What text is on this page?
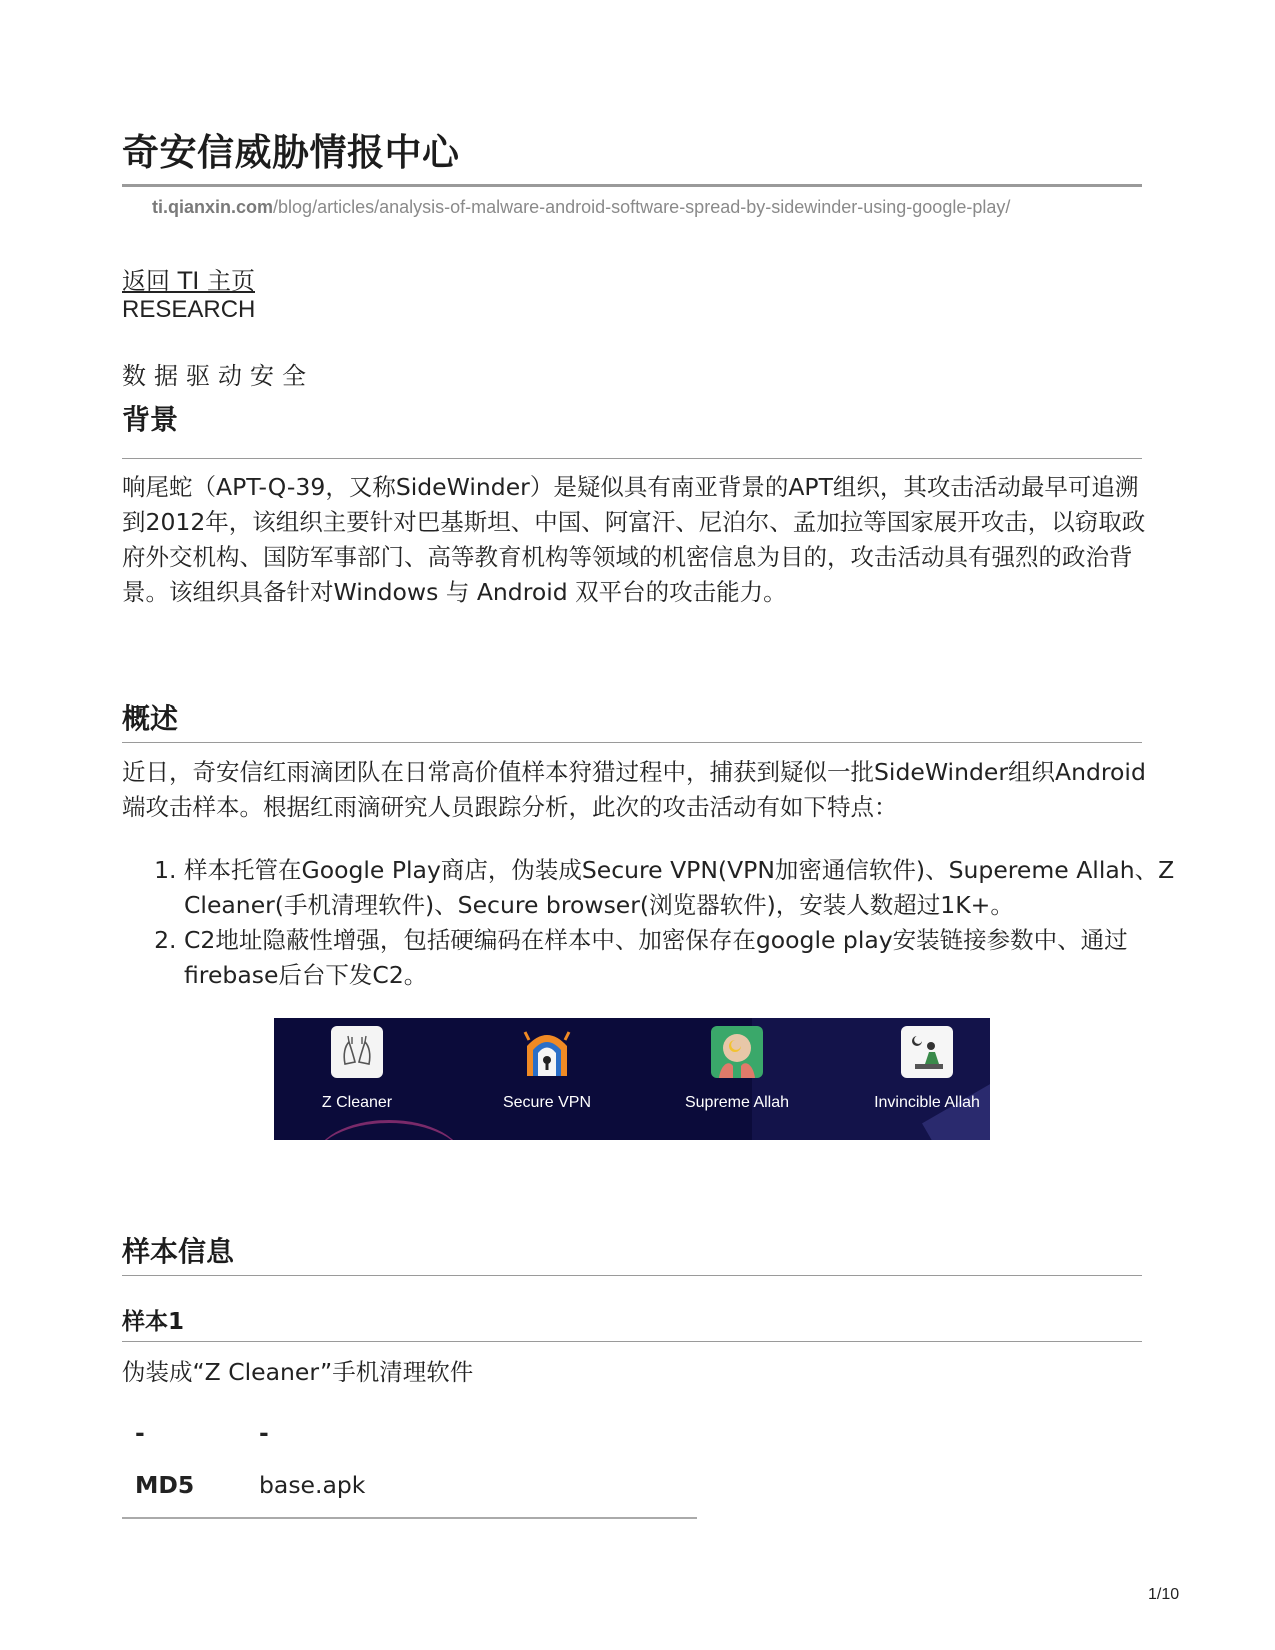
奇安信威胁情报中心
ti.qianxin.com/blog/articles/analysis-of-malware-android-software-spread-by-sidewinder-using-google-play/
返回 TI 主页
RESEARCH
数据驱动安全
背景
响尾蛇（APT-Q-39，又称SideWinder）是疑似具有南亚背景的APT组织，其攻击活动最早可追溯到2012年，该组织主要针对巴基斯坦、中国、阿富汗、尼泊尔、孟加拉等国家展开攻击，以窃取政府外交机构、国防军事部门、高等教育机构等领域的机密信息为目的，攻击活动具有强烈的政治背景。该组织具备针对Windows 与 Android 双平台的攻击能力。
概述
近日，奇安信红雨滴团队在日常高价值样本狩猎过程中，捕获到疑似一批SideWinder组织Android端攻击样本。根据红雨滴研究人员跟踪分析，此次的攻击活动有如下特点：
1. 样本托管在Google Play商店，伪装成Secure VPN(VPN加密通信软件)、Supereme Allah、Z Cleaner(手机清理软件)、Secure browser(浏览器软件)，安装人数超过1K+。
2. C2地址隐蔽性增强，包括硬编码在样本中、加密保存在google play安装链接参数中、通过firebase后台下发C2。
Z Cleaner	Secure VPN	Supreme Allah	Invincible Allah
样本信息
样本1
伪装成“Z Cleaner”手机清理软件
-	-
MD5	base.apk
1/10
